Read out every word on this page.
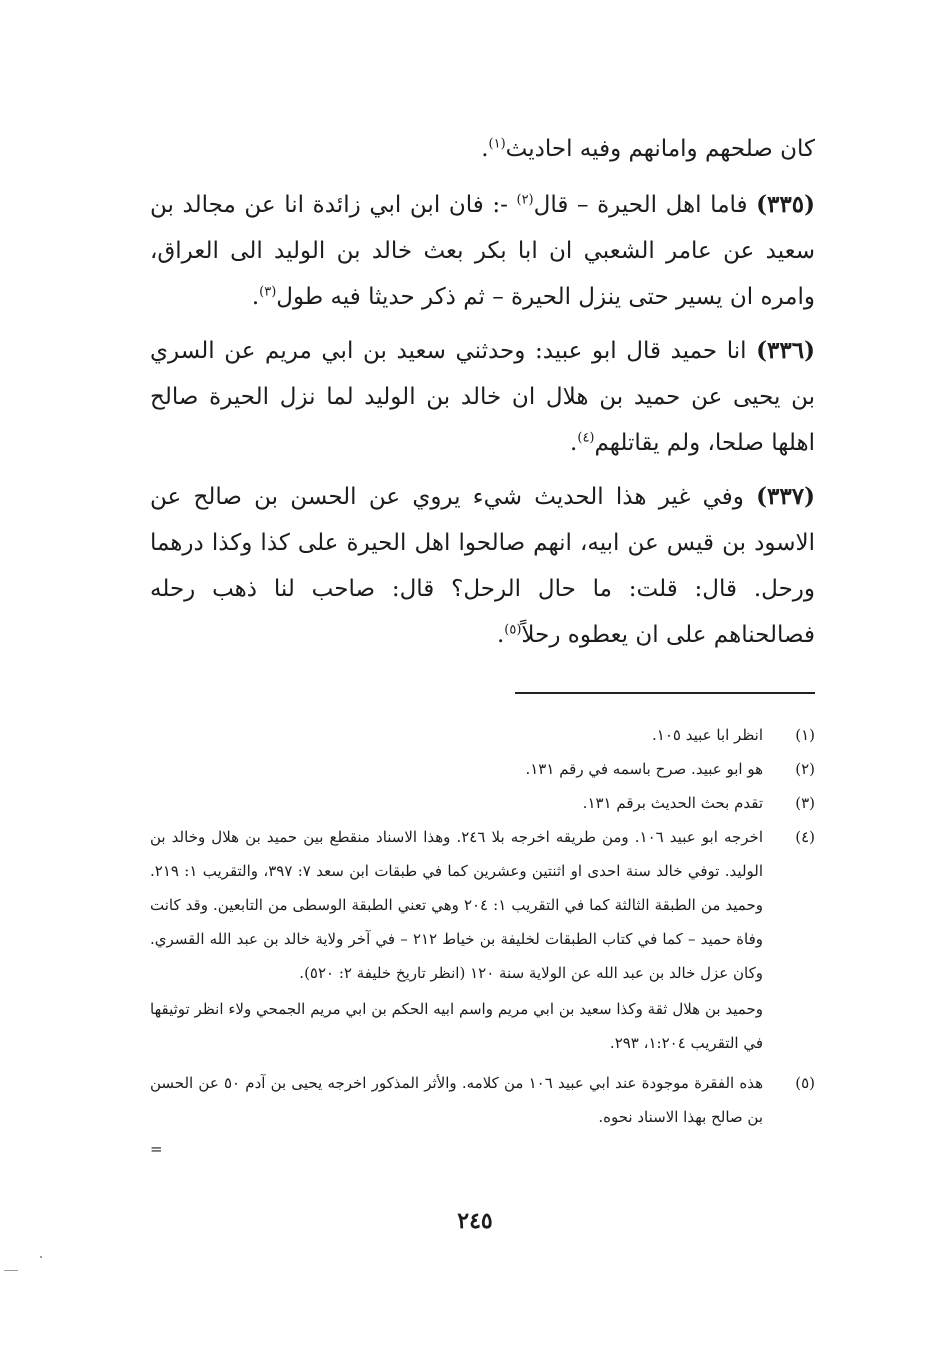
كان صلحهم وامانهم وفيه احاديث$^{(١)}$.

(٣٣٥) فاما اهل الحيرة – قال$^{(٢)}$ -: فان ابن ابي زائدة انا عن مجالد بن سعيد عن عامر الشعبي ان ابا بكر بعث خالد بن الوليد الى العراق، وامره ان يسير حتى ينزل الحيرة – ثم ذكر حديثا فيه طول$^{(٣)}$.

(٣٣٦) انا حميد قال ابو عبيد: وحدثني سعيد بن ابي مريم عن السري بن يحيى عن حميد بن هلال ان خالد بن الوليد لما نزل الحيرة صالح اهلها صلحا، ولم يقاتلهم$^{(٤)}$.

(٣٣٧) وفي غير هذا الحديث شيء يروي عن الحسن بن صالح عن الاسود بن قيس عن ابيه، انهم صالحوا اهل الحيرة على كذا وكذا درهما ورحل. قال: قلت: ما حال الرحل؟ قال: صاحب لنا ذهب رحله فصالحناهم على ان يعطوه رحلاً$^{(٥)}$.

(١)
انظر ابا عبيد ١٠٥.
(٢)
هو ابو عبيد. صرح باسمه في رقم ١٣١.
(٣)
تقدم بحث الحديث برقم ١٣١.
(٤)
اخرجه ابو عبيد ١٠٦. ومن طريقه اخرجه بلا ٢٤٦. وهذا الاسناد منقطع بين حميد بن هلال وخالد بن الوليد. توفي خالد سنة احدى او اثنتين وعشرين كما في طبقات ابن سعد ٧: ٣٩٧، والتقريب ١: ٢١٩. وحميد من الطبقة الثالثة كما في التقريب ١: ٢٠٤ وهي تعني الطبقة الوسطى من التابعين. وقد كانت وفاة حميد – كما في كتاب الطبقات لخليفة بن خياط ٢١٢ – في آخر ولاية خالد بن عبد الله القسري. وكان عزل خالد بن عبد الله عن الولاية سنة ١٢٠ (انظر تاريخ خليفة ٢: ٥٢٠).
وحميد بن هلال ثقة وكذا سعيد بن ابي مريم واسم ابيه الحكم بن ابي مريم الجمحي ولاء انظر توثيقها في التقريب ١:٢٠٤، ٢٩٣.
(٥)
هذه الفقرة موجودة عند ابي عبيد ١٠٦ من كلامه. والأثر المذكور اخرجه يحيى بن آدم ٥٠ عن الحسن بن صالح بهذا الاسناد نحوه.
=
٢٤٥
